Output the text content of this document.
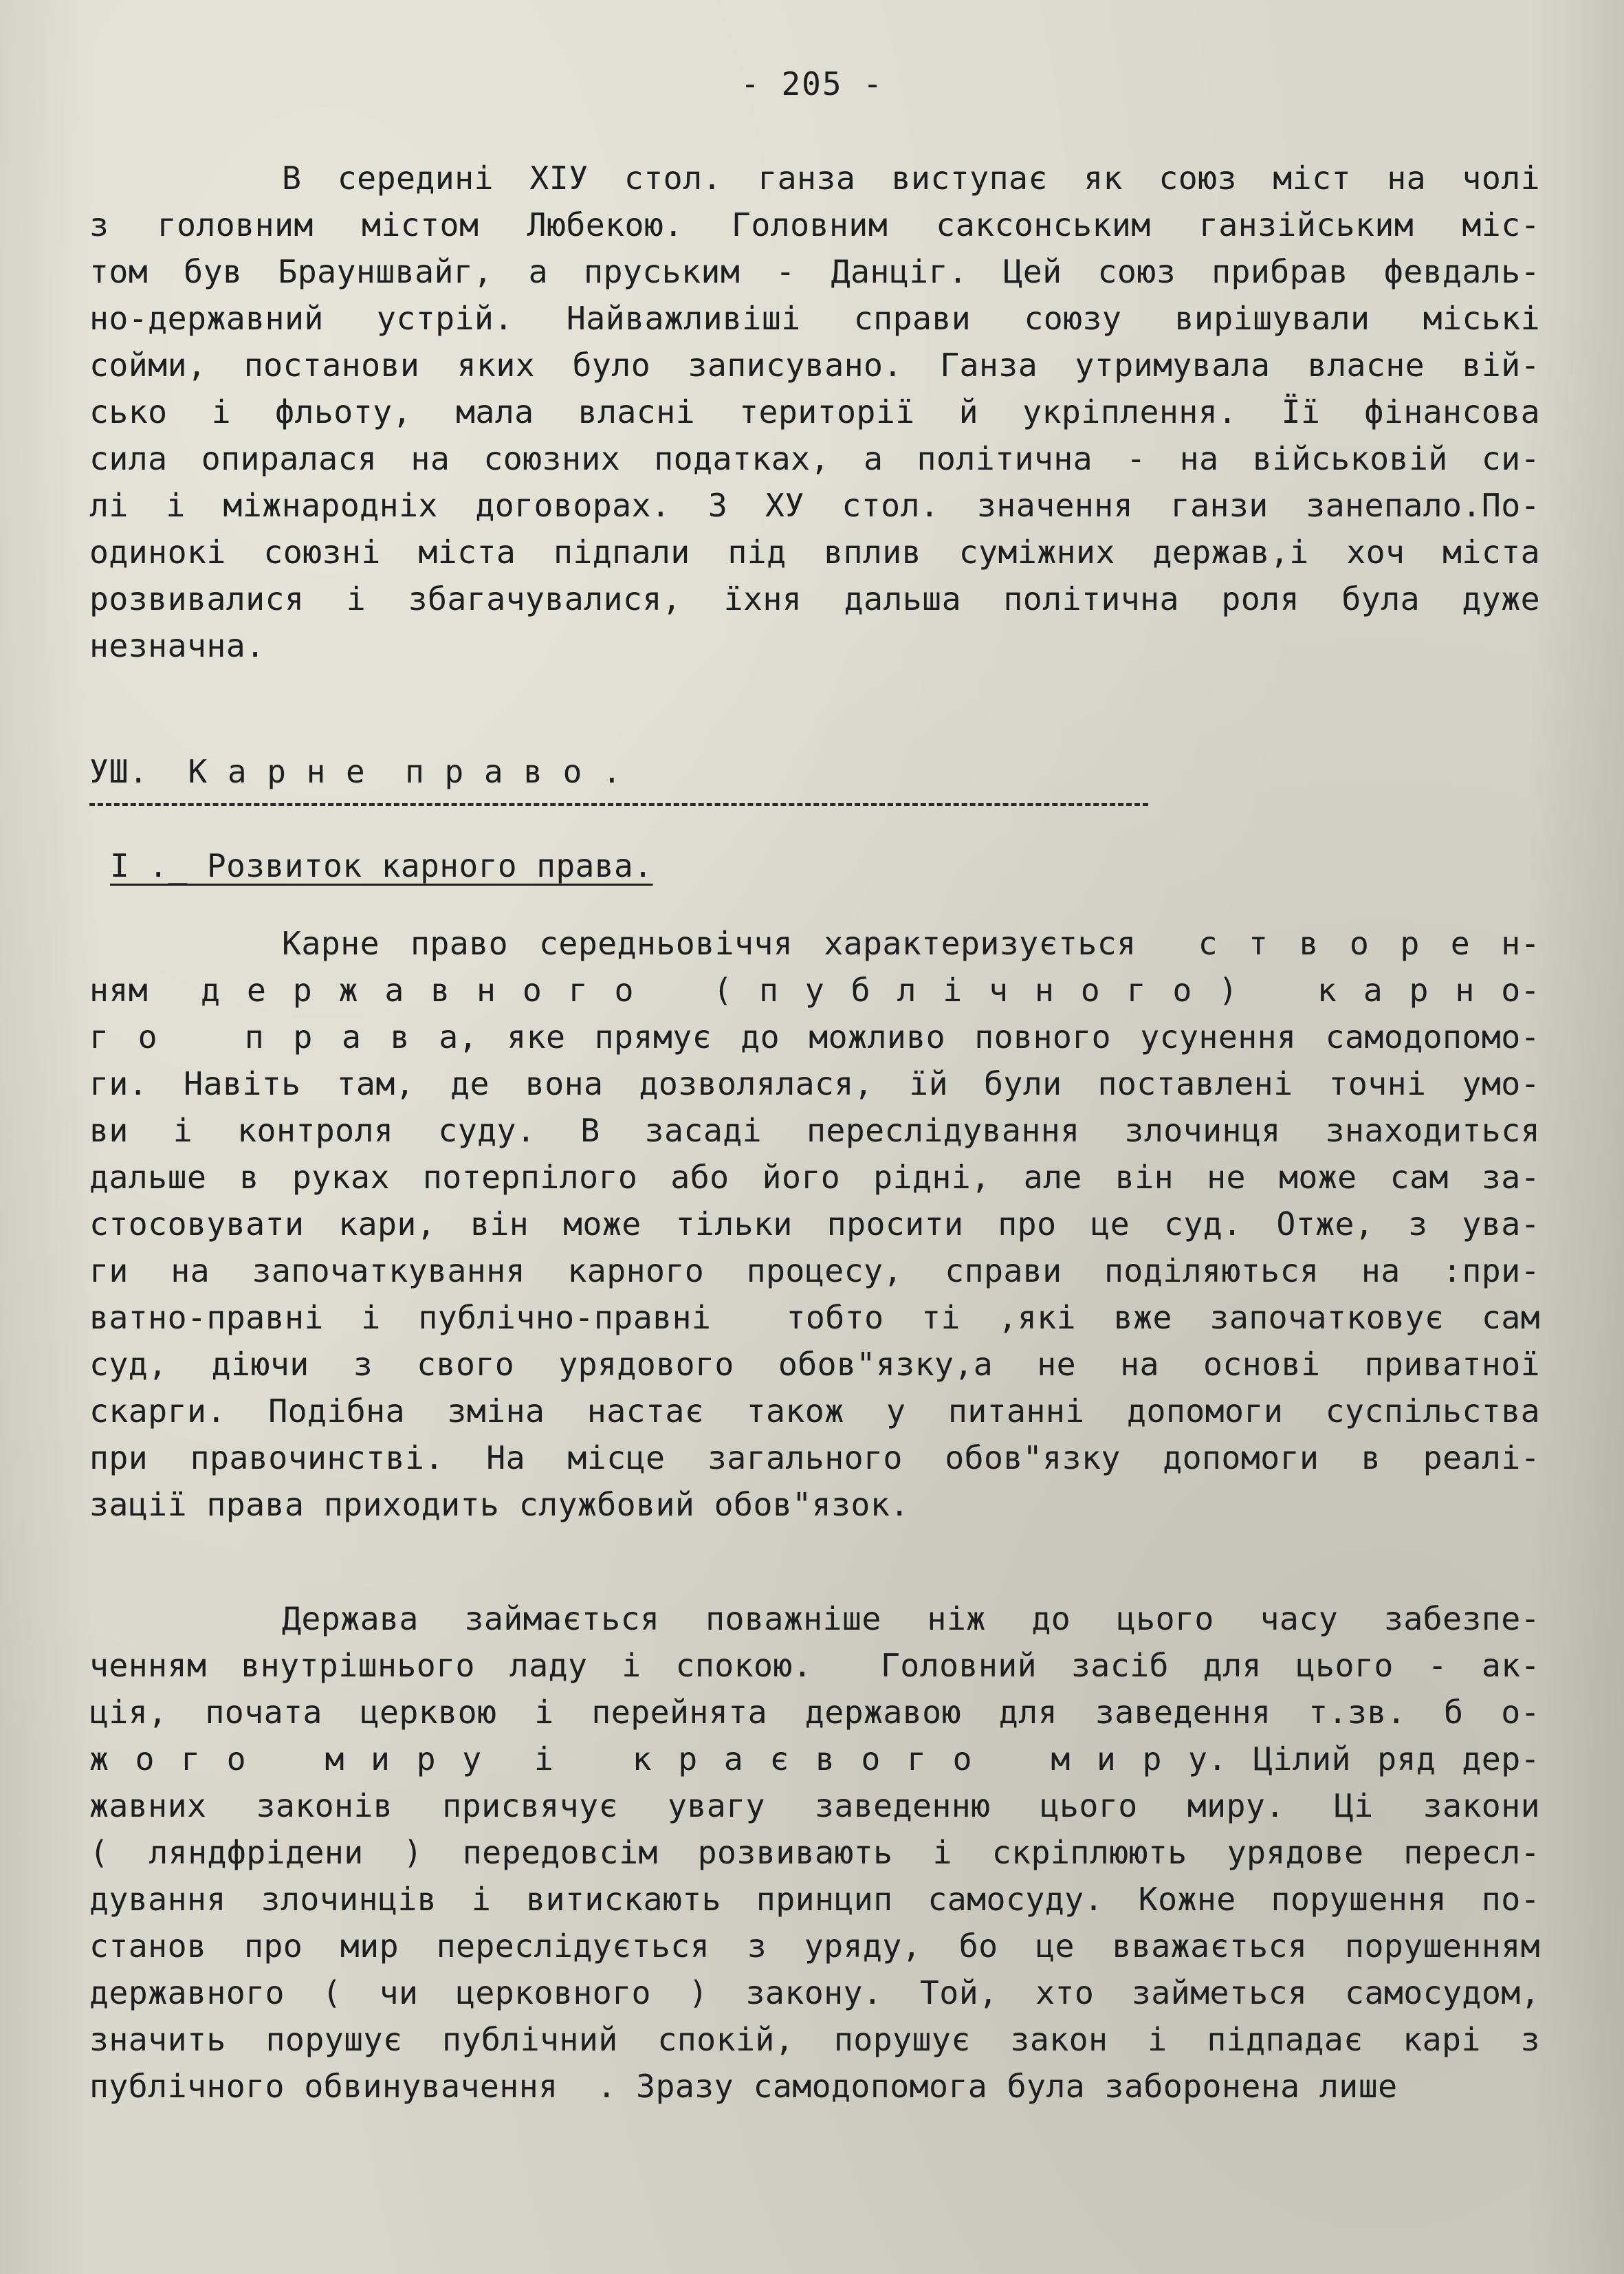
- 205 -
В середині XIУ стол. ганза виступає як союз міст на чолі
з головним містом Любекою. Головним саксонським ганзійським міс-
том був Брауншвайг, а пруським - Данціг. Цей союз прибрав февдаль-
но-державний устрій. Найважливіші справи союзу вирішували міські
сойми, постанови яких було записувано. Ганза утримувала власне вій-
сько і фльоту, мала власні території й укріплення. Її фінансова
сила опиралася на союзних податках, а політична - на військовій си-
лі і міжнародніх договорах. З XУ стол. значення ганзи занепало.По-
одинокі союзні міста підпали під вплив суміжних держав,і хоч міста
розвивалися і збагачувалися, їхня дальша політична роля була дуже
незначна.
УШ.  К а р н е  п р а в о .
I ._ Розвиток карного права.
Карне право середньовіччя характеризується  с т в о р е н-
ням  д е р ж а в н о г о   ( п у б л і ч н о г о )   к а р н о-
г о   п р а в а, яке прямує до можливо повного усунення самодопомо-
ги. Навіть там, де вона дозволялася, їй були поставлені точні умо-
ви і контроля суду. В засаді переслідування злочинця знаходиться
дальше в руках потерпілого або його рідні, але він не може сам за-
стосовувати кари, він може тільки просити про це суд. Отже, з ува-
ги на започаткування карного процесу, справи поділяються на :при-
ватно-правні і публічно-правні  тобто ті ,які вже започатковує сам
суд, діючи з свого урядового обов"язку,а не на основі приватної
скарги. Подібна зміна настає також у питанні допомоги суспільства
при правочинстві. На місце загального обов"язку допомоги в реалі-
зації права приходить службовий обов"язок.
Держава займається поважніше ніж до цього часу забезпе-
ченням внутрішнього ладу і спокою.  Головний засіб для цього - ак-
ція, почата церквою і перейнята державою для заведення т.зв. б о-
ж о г о   м и р у  і   к р а є в о г о   м и р у. Цілий ряд дер-
жавних законів присвячує увагу заведенню цього миру. Ці закони
( ляндфрідени ) передовсім розвивають і скріплюють урядове пересл-
дування злочинців і витискають принцип самосуду. Кожне порушення по-
станов про мир переслідується з уряду, бо це вважається порушенням
державного ( чи церковного ) закону. Той, хто займеться самосудом,
значить порушує публічний спокій, порушує закон і підпадає карі з
публічного обвинувачення  . Зразу самодопомога була заборонена лише
